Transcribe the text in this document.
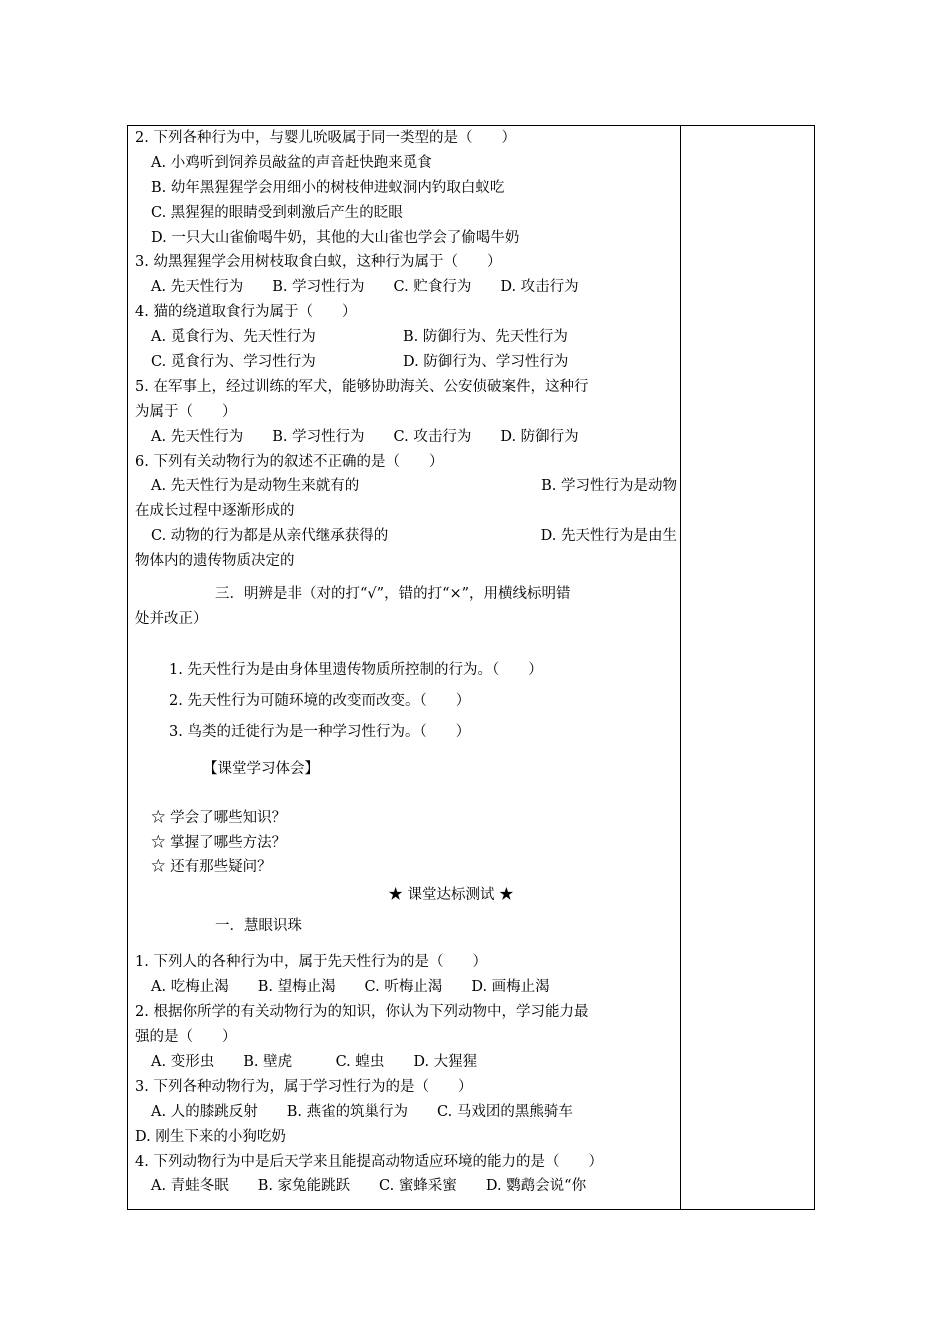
2. 下列各种行为中，与婴儿吮吸属于同一类型的是（　　）
A. 小鸡听到饲养员敲盆的声音赶快跑来觅食
B. 幼年黑猩猩学会用细小的树枝伸进蚁洞内钓取白蚁吃
C. 黑猩猩的眼睛受到刺激后产生的眨眼
D. 一只大山雀偷喝牛奶，其他的大山雀也学会了偷喝牛奶
3. 幼黑猩猩学会用树枝取食白蚁，这种行为属于（　　）
A. 先天性行为　　B. 学习性行为　　C. 贮食行为　　D. 攻击行为
4. 猫的绕道取食行为属于（　　）
A. 觅食行为、先天性行为	B. 防御行为、先天性行为
C. 觅食行为、学习性行为	D. 防御行为、学习性行为
5. 在军事上，经过训练的军犬，能够协助海关、公安侦破案件，这种行
为属于（　　）
A. 先天性行为　　B. 学习性行为　　C. 攻击行为　　D. 防御行为
6. 下列有关动物行为的叙述不正确的是（　　）
A. 先天性行为是动物生来就有的	B. 学习性行为是动物
在成长过程中逐渐形成的
C. 动物的行为都是从亲代继承获得的	D. 先天性行为是由生
物体内的遗传物质决定的
三．明辨是非（对的打“√”，错的打“×”，用横线标明错
处并改正）
1. 先天性行为是由身体里遗传物质所控制的行为。（　　）
2. 先天性行为可随环境的改变而改变。（　　）
3. 鸟类的迁徙行为是一种学习性行为。（　　）
【课堂学习体会】
☆ 学会了哪些知识？
☆ 掌握了哪些方法？
☆ 还有那些疑问？
★ 课堂达标测试 ★
一．慧眼识珠
1. 下列人的各种行为中，属于先天性行为的是（　　）
A. 吃梅止渴　　B. 望梅止渴　　C. 听梅止渴　　D. 画梅止渴
2. 根据你所学的有关动物行为的知识，你认为下列动物中，学习能力最
强的是（　　）
A. 变形虫　　B. 壁虎　　　C. 蝗虫　　D. 大猩猩
3. 下列各种动物行为，属于学习性行为的是（　　）
A. 人的膝跳反射　　B. 燕雀的筑巢行为　　C. 马戏团的黑熊骑车
D. 刚生下来的小狗吃奶
4. 下列动物行为中是后天学来且能提高动物适应环境的能力的是（　　）
A. 青蛙冬眠　　B. 家兔能跳跃　　C. 蜜蜂采蜜　　D. 鹦鹉会说“你
